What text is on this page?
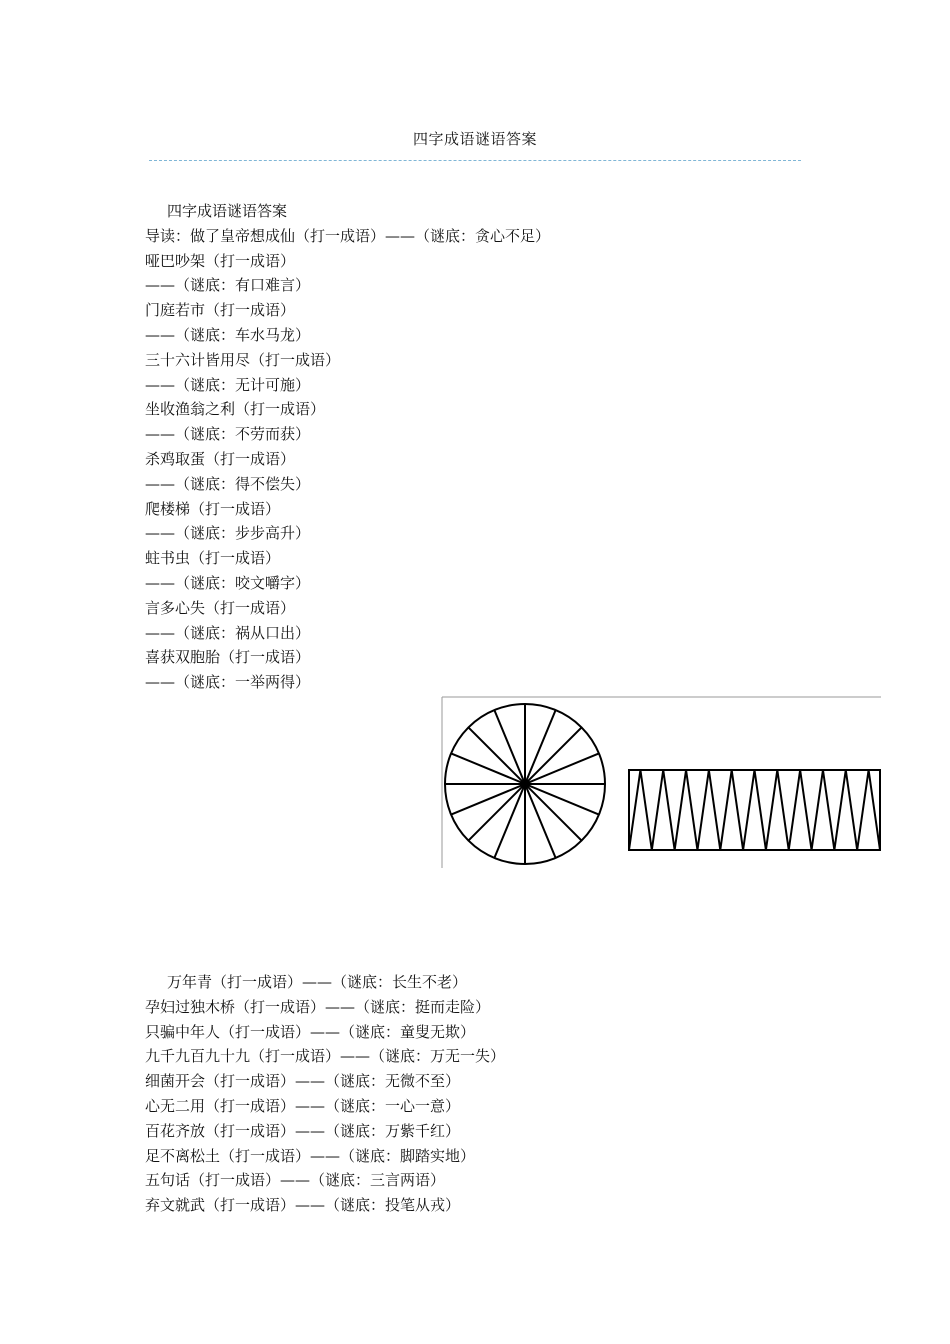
四字成语谜语答案
四字成语谜语答案
导读：做了皇帝想成仙（打一成语）——（谜底：贪心不足）
哑巴吵架（打一成语）
——（谜底：有口难言）
门庭若市（打一成语）
——（谜底：车水马龙）
三十六计皆用尽（打一成语）
——（谜底：无计可施）
坐收渔翁之利（打一成语）
——（谜底：不劳而获）
杀鸡取蛋（打一成语）
——（谜底：得不偿失）
爬楼梯（打一成语）
——（谜底：步步高升）
蛀书虫（打一成语）
——（谜底：咬文嚼字）
言多心失（打一成语）
——（谜底：祸从口出）
喜获双胞胎（打一成语）
——（谜底：一举两得）
万年青（打一成语）——（谜底：长生不老）
孕妇过独木桥（打一成语）——（谜底：挺而走险）
只骗中年人（打一成语）——（谜底：童叟无欺）
九千九百九十九（打一成语）——（谜底：万无一失）
细菌开会（打一成语）——（谜底：无微不至）
心无二用（打一成语）——（谜底：一心一意）
百花齐放（打一成语）——（谜底：万紫千红）
足不离松土（打一成语）——（谜底：脚踏实地）
五句话（打一成语）——（谜底：三言两语）
弃文就武（打一成语）——（谜底：投笔从戎）
